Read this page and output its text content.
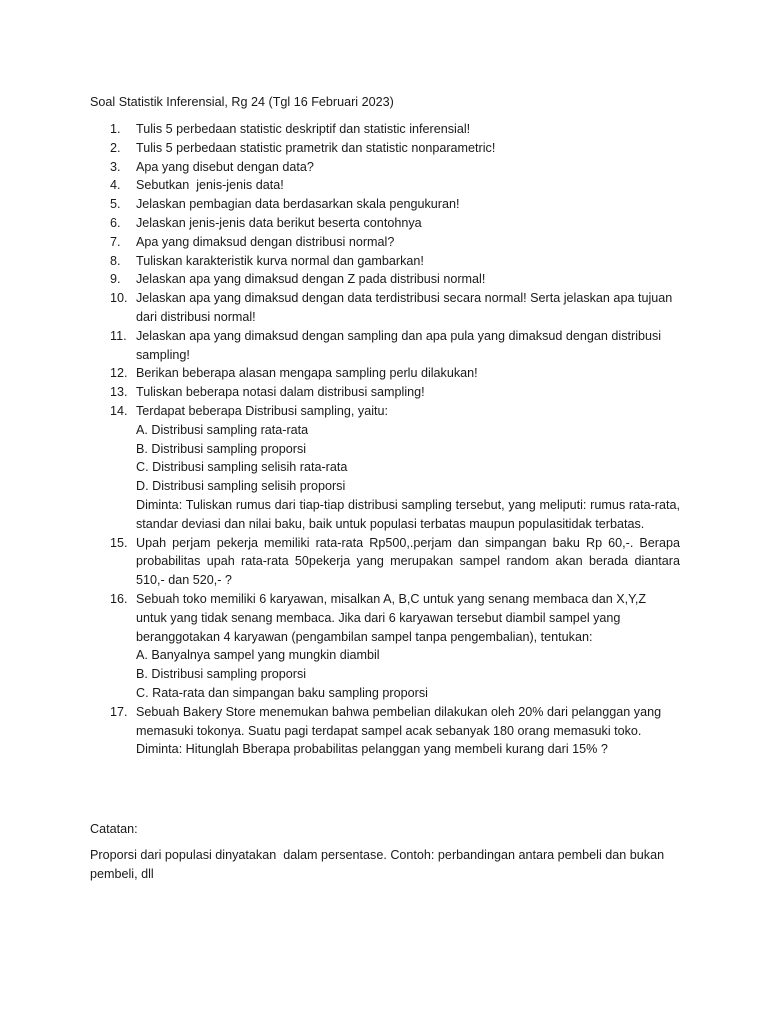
Soal Statistik Inferensial, Rg 24 (Tgl 16 Februari 2023)
1. Tulis 5 perbedaan statistic deskriptif dan statistic inferensial!
2. Tulis 5 perbedaan statistic prametrik dan statistic nonparametric!
3. Apa yang disebut dengan data?
4. Sebutkan  jenis-jenis data!
5. Jelaskan pembagian data berdasarkan skala pengukuran!
6. Jelaskan jenis-jenis data berikut beserta contohnya
7. Apa yang dimaksud dengan distribusi normal?
8. Tuliskan karakteristik kurva normal dan gambarkan!
9. Jelaskan apa yang dimaksud dengan Z pada distribusi normal!
10. Jelaskan apa yang dimaksud dengan data terdistribusi secara normal! Serta jelaskan apa tujuan dari distribusi normal!
11. Jelaskan apa yang dimaksud dengan sampling dan apa pula yang dimaksud dengan distribusi sampling!
12. Berikan beberapa alasan mengapa sampling perlu dilakukan!
13. Tuliskan beberapa notasi dalam distribusi sampling!
14. Terdapat beberapa Distribusi sampling, yaitu:
A. Distribusi sampling rata-rata
B. Distribusi sampling proporsi
C. Distribusi sampling selisih rata-rata
D. Distribusi sampling selisih proporsi
Diminta: Tuliskan rumus dari tiap-tiap distribusi sampling tersebut, yang meliputi: rumus rata-rata, standar deviasi dan nilai baku, baik untuk populasi terbatas maupun populasitidak terbatas.
15. Upah perjam pekerja memiliki rata-rata Rp500,.perjam dan simpangan baku Rp 60,-. Berapa probabilitas upah rata-rata 50pekerja yang merupakan sampel random akan berada diantara 510,- dan 520,- ?
16. Sebuah toko memiliki 6 karyawan, misalkan A, B,C untuk yang senang membaca dan X,Y,Z untuk yang tidak senang membaca. Jika dari 6 karyawan tersebut diambil sampel yang beranggotakan 4 karyawan (pengambilan sampel tanpa pengembalian), tentukan:
A. Banyalnya sampel yang mungkin diambil
B. Distribusi sampling proporsi
C. Rata-rata dan simpangan baku sampling proporsi
17. Sebuah Bakery Store menemukan bahwa pembelian dilakukan oleh 20% dari pelanggan yang memasuki tokonya. Suatu pagi terdapat sampel acak sebanyak 180 orang memasuki toko.
Diminta: Hitunglah Bberapa probabilitas pelanggan yang membeli kurang dari 15% ?
Catatan:
Proporsi dari populasi dinyatakan  dalam persentase. Contoh: perbandingan antara pembeli dan bukan pembeli, dll
